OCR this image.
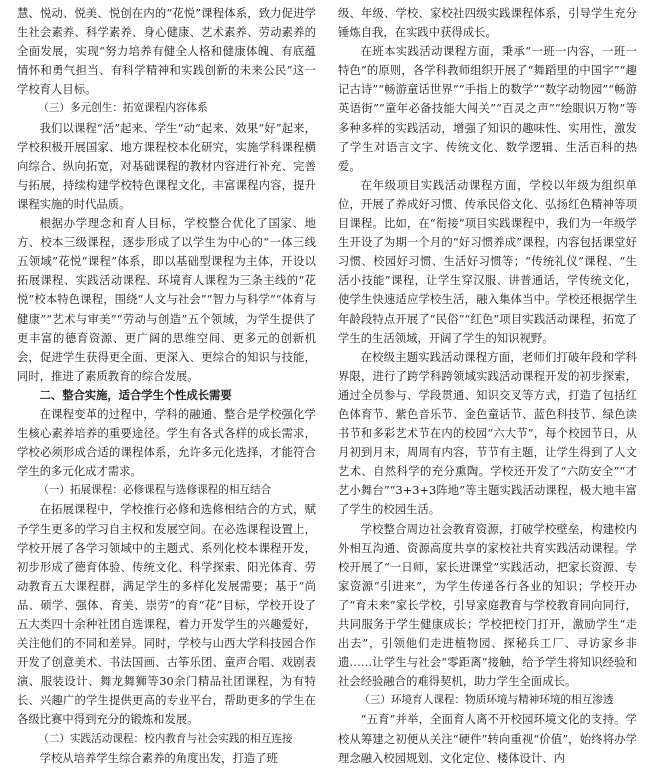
慧、悦动、悦美、悦创在内的“花悦”课程体系，致力促进学生社会素养、科学素养、身心健康、艺术素养、劳动素养的全面发展，实现“努力培养有健全人格和健康体魄、有底蕴情怀和勇气担当、有科学精神和实践创新的未来公民”这一学校育人目标。

（三）多元创生：拓宽课程内容体系

我们以课程“活”起来、学生“动”起来、效果“好”起来，学校积极开展国家、地方课程校本化研究，实施学科课程横向综合、纵向拓宽，对基础课程的教材内容进行补充、完善与拓展，持续构建学校特色课程文化，丰富课程内容，提升课程实施的时代品质。

根据办学理念和育人目标，学校整合优化了国家、地方、校本三级课程，逐步形成了以学生为中心的“一体三线五领域”花悦“课程”体系，即以基础型课程为主体，开设以拓展课程、实践活动课程、环境育人课程为三条主线的“花悦”校本特色课程，围绕“人文与社会”“智力与科学”“体育与健康”“艺术与审美”“劳动与创造”五个领域，为学生提供了更丰富的德育资源、更广阔的思维空间、更多元的创新机会，促进学生获得更全面、更深入、更综合的知识与技能，同时，推进了素质教育的综合发展。

二、整合实施，适合学生个性成长需要

在课程变革的过程中，学科的融通、整合是学校强化学生核心素养培养的重要途径。学生有各式各样的成长需求，学校必须形成合适的课程体系，允许多元化选择，才能符合学生的多元化成才需求。

（一）拓展课程：必修课程与选修课程的相互结合

在拓展课程中，学校推行必修和选修相结合的方式，赋予学生更多的学习自主权和发展空间。在必选课程设置上，学校开展了各学习领域中的主题式、系列化校本课程开发，初步形成了德育体验、传统文化、科学探索、阳光体育、劳动教育五大课程群，满足学生的多样化发展需要；基于“尚品、硕学、强体、育美、崇劳”的育“花”目标，学校开设了五大类四十余种社团自选课程，着力开发学生的兴趣爱好，关注他们的不同和差异。同时，学校与山西大学科技园合作开发了创意美术、书法国画、古筝乐团、童声合唱、戏剧表演、服装设计、舞龙舞狮等30余门精品社团课程，为有特长、兴趣广的学生提供更高的专业平台，帮助更多的学生在各级比赛中得到充分的锻炼和发展。

（二）实践活动课程：校内教育与社会实践的相互连接

学校从培养学生综合素养的角度出发，打造了班

级、年级、学校、家校社四级实践课程体系，引导学生充分锤炼自我，在实践中获得成长。

在班本实践活动课程方面，秉承“一班一内容，一班一特色”的原则，各学科教师组织开展了“舞蹈里的中国字”“趣记古诗”“畅游童话世界”“手指上的数学”“数字动物园”“畅游英语街”“童年必备技能大闯关”“百灵之声”“绘眼识万物”等多种多样的实践活动，增强了知识的趣味性、实用性，激发了学生对语言文字、传统文化、数学逻辑、生活百科的热爱。

在年级项目实践活动课程方面，学校以年级为组织单位，开展了养成好习惯、传承民俗文化、弘扬红色精神等项目课程。比如，在“衔接”项目实践课程中，我们为一年级学生开设了为期一个月的“好习惯养成”课程，内容包括课堂好习惯、校园好习惯、生活好习惯等；“传统礼仪”课程、“生活小技能”课程，让学生穿汉服、讲普通话，学传统文化，使学生快速适应学校生活，融入集体当中。学校还根据学生年龄段特点开展了“民俗”“红色”项目实践活动课程，拓宽了学生的生活领域，开阔了学生的知识视野。

在校级主题实践活动课程方面，老师们打破年段和学科界限，进行了跨学科跨领域实践活动课程开发的初步探索，通过全员参与、学段贯通、知识交叉等方式，打造了包括红色体育节、紫色音乐节、金色童话节、蓝色科技节、绿色读书节和多彩艺术节在内的校园“六大节”，每个校园节日，从月初到月末，周周有内容，节节有主题，让学生得到了人文艺术、自然科学的充分熏陶。学校还开发了“六防安全”“才艺小舞台”“3+3+3阵地”等主题实践活动课程，极大地丰富了学生的校园生活。

学校整合周边社会教育资源，打破学校壁垒，构建校内外相互沟通、资源高度共享的家校社共育实践活动课程。学校开展了“一日师，家长进课堂”实践活动，把家长资源、专家资源“引进来”，为学生传递各行各业的知识；学校开办了“育未来”家长学校，引导家庭教育与学校教育同向同行，共同服务于学生健康成长；学校把校门打开，激励学生“走出去”，引领他们走进植物园、探秘兵工厂、寻访家乡非遗……让学生与社会“零距离”接触，给予学生将知识经验和社会经验融合的难得契机，助力学生全面成长。

（三）环境育人课程：物质环境与精神环境的相互渗透

“五育”并举，全面育人离不开校园环境文化的支持。学校从筹建之初便从关注“硬件”转向重视“价值”，始终将办学理念融入校园规划、文化定位、楼体设计、内
